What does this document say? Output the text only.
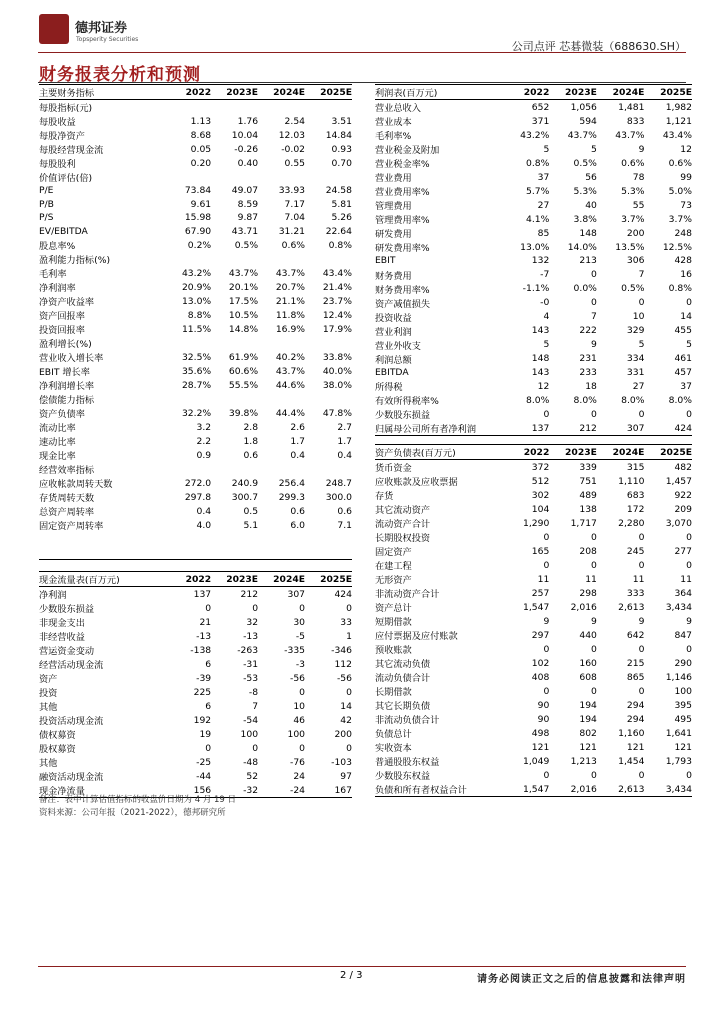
德邦证券
Topsperity Securities
公司点评 芯碁微装（688630.SH）
财务报表分析和预测
主要财务指标	2022	2023E	2024E	2025E
每股指标(元)				
每股收益	1.13	1.76	2.54	3.51
每股净资产	8.68	10.04	12.03	14.84
每股经营现金流	0.05	-0.26	-0.02	0.93
每股股利	0.20	0.40	0.55	0.70
价值评估(倍)				
P/E	73.84	49.07	33.93	24.58
P/B	9.61	8.59	7.17	5.81
P/S	15.98	9.87	7.04	5.26
EV/EBITDA	67.90	43.71	31.21	22.64
股息率%	0.2%	0.5%	0.6%	0.8%
盈利能力指标(%)				
毛利率	43.2%	43.7%	43.7%	43.4%
净利润率	20.9%	20.1%	20.7%	21.4%
净资产收益率	13.0%	17.5%	21.1%	23.7%
资产回报率	8.8%	10.5%	11.8%	12.4%
投资回报率	11.5%	14.8%	16.9%	17.9%
盈利增长(%)				
营业收入增长率	32.5%	61.9%	40.2%	33.8%
EBIT 增长率	35.6%	60.6%	43.7%	40.0%
净利润增长率	28.7%	55.5%	44.6%	38.0%
偿债能力指标				
资产负债率	32.2%	39.8%	44.4%	47.8%
流动比率	3.2	2.8	2.6	2.7
速动比率	2.2	1.8	1.7	1.7
现金比率	0.9	0.6	0.4	0.4
经营效率指标				
应收帐款周转天数	272.0	240.9	256.4	248.7
存货周转天数	297.8	300.7	299.3	300.0
总资产周转率	0.4	0.5	0.6	0.6
固定资产周转率	4.0	5.1	6.0	7.1

利润表(百万元)	2022	2023E	2024E	2025E
营业总收入	652	1,056	1,481	1,982
营业成本	371	594	833	1,121
毛利率%	43.2%	43.7%	43.7%	43.4%
营业税金及附加	5	5	9	12
营业税金率%	0.8%	0.5%	0.6%	0.6%
营业费用	37	56	78	99
营业费用率%	5.7%	5.3%	5.3%	5.0%
管理费用	27	40	55	73
管理费用率%	4.1%	3.8%	3.7%	3.7%
研发费用	85	148	200	248
研发费用率%	13.0%	14.0%	13.5%	12.5%
EBIT	132	213	306	428
财务费用	-7	0	7	16
财务费用率%	-1.1%	0.0%	0.5%	0.8%
资产减值损失	-0	0	0	0
投资收益	4	7	10	14
营业利润	143	222	329	455
营业外收支	5	9	5	5
利润总额	148	231	334	461
EBITDA	143	233	331	457
所得税	12	18	27	37
有效所得税率%	8.0%	8.0%	8.0%	8.0%
少数股东损益	0	0	0	0
归属母公司所有者净利润	137	212	307	424
资产负债表(百万元)	2022	2023E	2024E	2025E
货币资金	372	339	315	482
应收账款及应收票据	512	751	1,110	1,457
存货	302	489	683	922
其它流动资产	104	138	172	209
流动资产合计	1,290	1,717	2,280	3,070
长期股权投资	0	0	0	0
固定资产	165	208	245	277
在建工程	0	0	0	0
无形资产	11	11	11	11
非流动资产合计	257	298	333	364
资产总计	1,547	2,016	2,613	3,434
短期借款	9	9	9	9
应付票据及应付账款	297	440	642	847
预收账款	0	0	0	0
其它流动负债	102	160	215	290
流动负债合计	408	608	865	1,146
长期借款	0	0	0	100
其它长期负债	90	194	294	395
非流动负债合计	90	194	294	495
负债总计	498	802	1,160	1,641
实收资本	121	121	121	121
普通股股东权益	1,049	1,213	1,454	1,793
少数股东权益	0	0	0	0
负债和所有者权益合计	1,547	2,016	2,613	3,434
现金流量表(百万元)	2022	2023E	2024E	2025E
净利润	137	212	307	424
少数股东损益	0	0	0	0
非现金支出	21	32	30	33
非经营收益	-13	-13	-5	1
营运资金变动	-138	-263	-335	-346
经营活动现金流	6	-31	-3	112
资产	-39	-53	-56	-56
投资	225	-8	0	0
其他	6	7	10	14
投资活动现金流	192	-54	46	42
债权募资	19	100	100	200
股权募资	0	0	0	0
其他	-25	-48	-76	-103
融资活动现金流	-44	52	24	97
现金净流量	156	-32	-24	167
备注：表中计算估值指标的收盘价日期为 4 月 19 日
资料来源：公司年报（2021-2022），德邦研究所
2 / 3	请务必阅读正文之后的信息披露和法律声明
